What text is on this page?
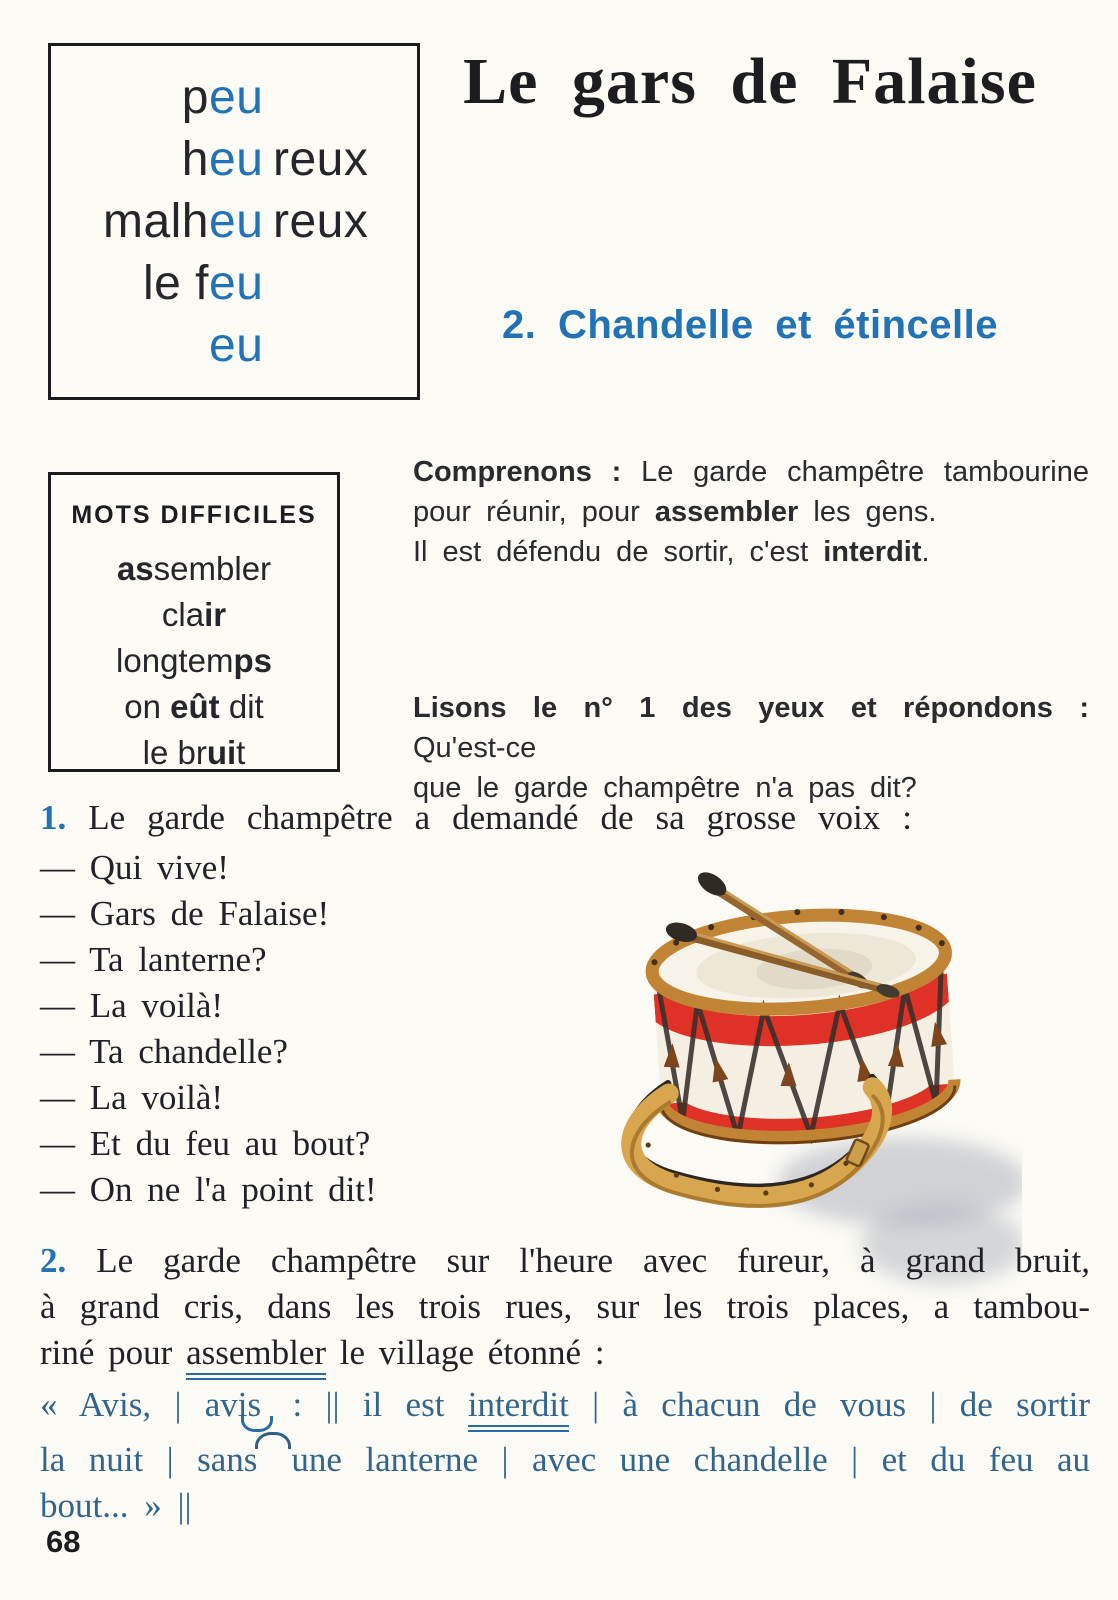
p eu
h eu reux
malh eu reux
le f eu
eu
Le gars de Falaise
2. Chandelle et étincelle
MOTS DIFFICILES
assembler
clair
longtemps
on eût dit
le bruit
Comprenons : Le garde champêtre tambourine
pour réunir, pour assembler les gens.
Il est défendu de sortir, c'est interdit.
Lisons le n° 1 des yeux et répondons : Qu'est-ce
que le garde champêtre n'a pas dit?
1. Le garde champêtre a demandé de sa grosse voix :
— Qui vive!
— Gars de Falaise!
— Ta lanterne?
— La voilà!
— Ta chandelle?
— La voilà!
— Et du feu au bout?
— On ne l'a point dit!
2. Le garde champêtre sur l'heure avec fureur, à grand bruit,
à grand cris, dans les trois rues, sur les trois places, a tambou-
riné pour assembler le village étonné :
« Avis, | avis : || il est interdit | à chacun de vous | de sortir
la nuit | sans une lanterne | avec une chandelle | et du feu au
bout... » ||
68
